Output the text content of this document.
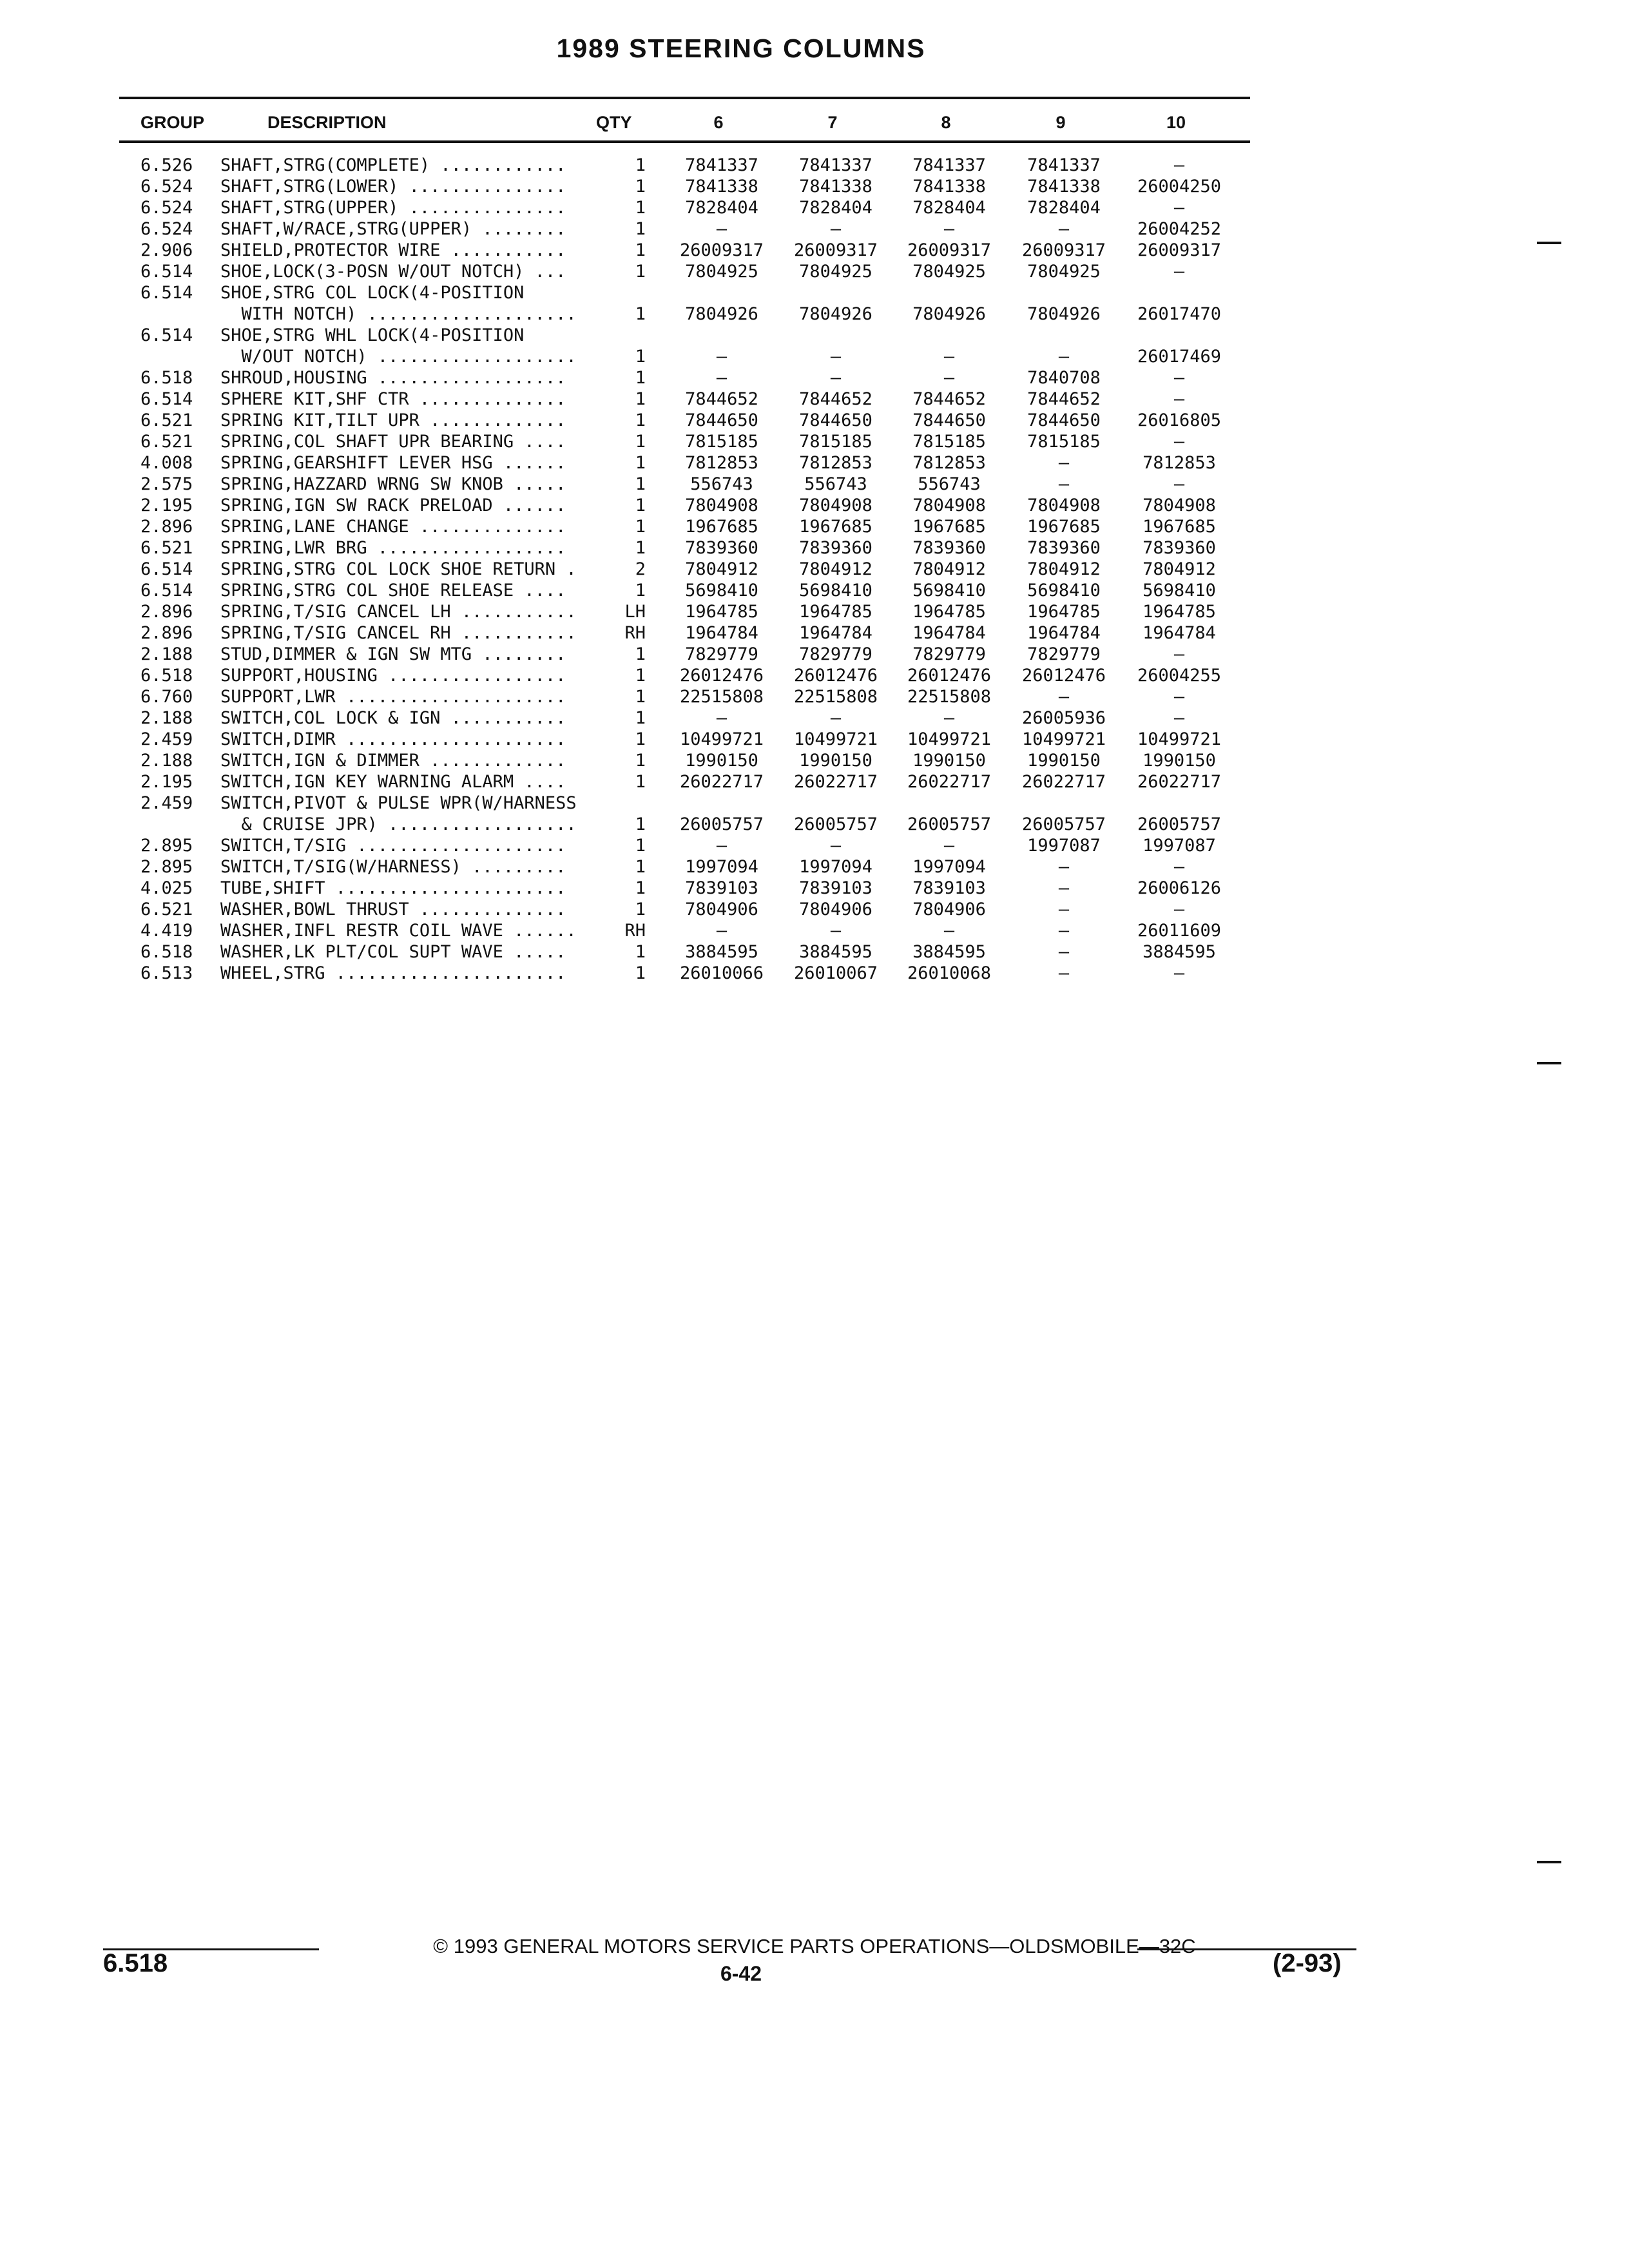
1989 STEERING COLUMNS
GROUP	DESCRIPTION	QTY	6	7	8	9	10
6.526 SHAFT,STRG(COMPLETE) ............	1	7841337	7841337	7841337	7841337	—
6.524 SHAFT,STRG(LOWER) ...............	1	7841338	7841338	7841338	7841338	26004250
6.524 SHAFT,STRG(UPPER) ...............	1	7828404	7828404	7828404	7828404	—
6.524 SHAFT,W/RACE,STRG(UPPER) ........	1	—	—	—	—	26004252
2.906 SHIELD,PROTECTOR WIRE ...........	1	26009317	26009317	26009317	26009317	26009317
6.514 SHOE,LOCK(3-POSN W/OUT NOTCH) ...	1	7804925	7804925	7804925	7804925	—
6.514 SHOE,STRG COL LOCK(4-POSITION
WITH NOTCH) ....................	1	7804926	7804926	7804926	7804926	26017470
6.514 SHOE,STRG WHL LOCK(4-POSITION
W/OUT NOTCH) ...................	1	—	—	—	—	26017469
6.518 SHROUD,HOUSING ..................	1	—	—	—	7840708	—
6.514 SPHERE KIT,SHF CTR ..............	1	7844652	7844652	7844652	7844652	—
6.521 SPRING KIT,TILT UPR .............	1	7844650	7844650	7844650	7844650	26016805
6.521 SPRING,COL SHAFT UPR BEARING ....	1	7815185	7815185	7815185	7815185	—
4.008 SPRING,GEARSHIFT LEVER HSG ......	1	7812853	7812853	7812853	—	7812853
2.575 SPRING,HAZZARD WRNG SW KNOB .....	1	556743	556743	556743	—	—
2.195 SPRING,IGN SW RACK PRELOAD ......	1	7804908	7804908	7804908	7804908	7804908
2.896 SPRING,LANE CHANGE ..............	1	1967685	1967685	1967685	1967685	1967685
6.521 SPRING,LWR BRG ..................	1	7839360	7839360	7839360	7839360	7839360
6.514 SPRING,STRG COL LOCK SHOE RETURN .	2	7804912	7804912	7804912	7804912	7804912
6.514 SPRING,STRG COL SHOE RELEASE ....	1	5698410	5698410	5698410	5698410	5698410
2.896 SPRING,T/SIG CANCEL LH ...........	LH	1964785	1964785	1964785	1964785	1964785
2.896 SPRING,T/SIG CANCEL RH ...........	RH	1964784	1964784	1964784	1964784	1964784
2.188 STUD,DIMMER & IGN SW MTG ........	1	7829779	7829779	7829779	7829779	—
6.518 SUPPORT,HOUSING .................	1	26012476	26012476	26012476	26012476	26004255
6.760 SUPPORT,LWR .....................	1	22515808	22515808	22515808	—	—
2.188 SWITCH,COL LOCK & IGN ...........	1	—	—	—	26005936	—
2.459 SWITCH,DIMR .....................	1	10499721	10499721	10499721	10499721	10499721
2.188 SWITCH,IGN & DIMMER .............	1	1990150	1990150	1990150	1990150	1990150
2.195 SWITCH,IGN KEY WARNING ALARM ....	1	26022717	26022717	26022717	26022717	26022717
2.459 SWITCH,PIVOT & PULSE WPR(W/HARNESS
& CRUISE JPR) ..................	1	26005757	26005757	26005757	26005757	26005757
2.895 SWITCH,T/SIG ....................	1	—	—	—	1997087	1997087
2.895 SWITCH,T/SIG(W/HARNESS) .........	1	1997094	1997094	1997094	—	—
4.025 TUBE,SHIFT ......................	1	7839103	7839103	7839103	—	26006126
6.521 WASHER,BOWL THRUST ..............	1	7804906	7804906	7804906	—	—
4.419 WASHER,INFL RESTR COIL WAVE ......	RH	—	—	—	—	26011609
6.518 WASHER,LK PLT/COL SUPT WAVE .....	1	3884595	3884595	3884595	—	3884595
6.513 WHEEL,STRG ......................	1	26010066	26010067	26010068	—	—
© 1993 GENERAL MOTORS SERVICE PARTS OPERATIONS—OLDSMOBILE—32C
6.518	6-42	(2-93)
